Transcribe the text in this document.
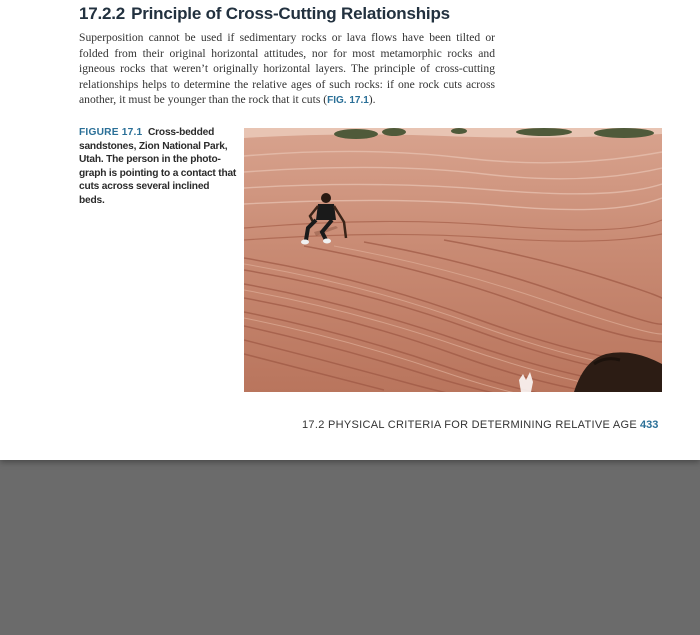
17.2.2 Principle of Cross-Cutting Relationships

Superposition cannot be used if sedimentary rocks or lava flows have been tilted or folded from their original horizontal attitudes, nor for most metamorphic rocks and igneous rocks that weren’t originally horizontal layers. The principle of cross-cutting relationships helps to determine the relative ages of such rocks: if one rock cuts across another, it must be younger than the rock that it cuts (FIG. 17.1).

FIGURE 17.1 Cross-bedded sandstones, Zion National Park, Utah. The person in the photo-graph is pointing to a contact that cuts across several inclined beds.

17.2 PHYSICAL CRITERIA FOR DETERMINING RELATIVE AGE 433
